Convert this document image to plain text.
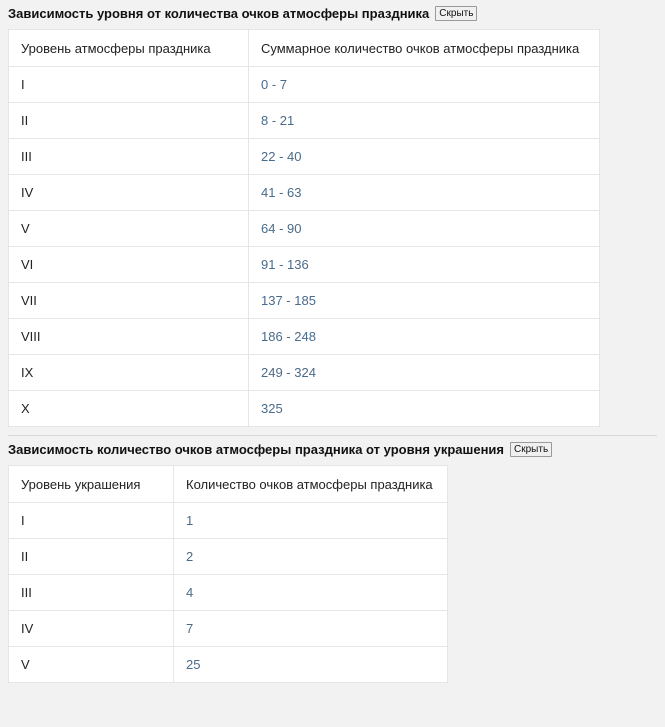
Зависимость уровня от количества очков атмосферы праздника	Скрыть
Уровень атмосферы праздника	Суммарное количество очков атмосферы праздника
I	0 - 7
II	8 - 21
III	22 - 40
IV	41 - 63
V	64 - 90
VI	91 - 136
VII	137 - 185
VIII	186 - 248
IX	249 - 324
X	325
Зависимость количество очков атмосферы праздника от уровня украшения	Скрыть
Уровень украшения	Количество очков атмосферы праздника
I	1
II	2
III	4
IV	7
V	25
